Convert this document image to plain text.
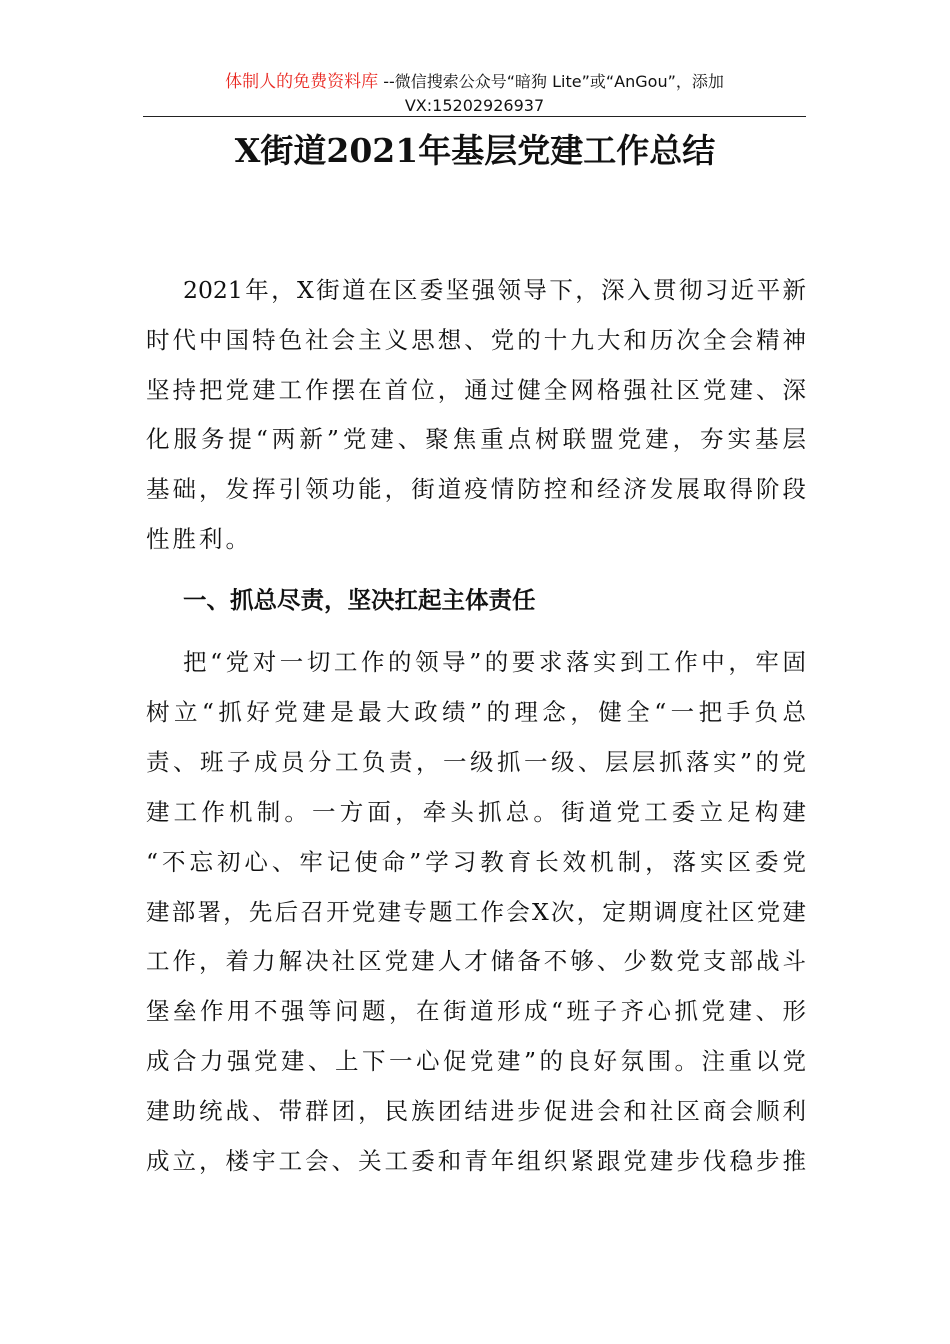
体制人的免费资料库 --微信搜索公众号“暗狗 Lite”或“AnGou”，添加
VX:15202926937
X街道2021年基层党建工作总结
2021年，X街道在区委坚强领导下，深入贯彻习近平新
时代中国特色社会主义思想、党的十九大和历次全会精神
坚持把党建工作摆在首位，通过健全网格强社区党建、深
化服务提“两新”党建、聚焦重点树联盟党建，夯实基层
基础，发挥引领功能，街道疫情防控和经济发展取得阶段
性胜利。
一、抓总尽责，坚决扛起主体责任
把“党对一切工作的领导”的要求落实到工作中，牢固
树立“抓好党建是最大政绩”的理念，健全“一把手负总
责、班子成员分工负责，一级抓一级、层层抓落实”的党
建工作机制。一方面，牵头抓总。街道党工委立足构建
“不忘初心、牢记使命”学习教育长效机制，落实区委党
建部署，先后召开党建专题工作会X次，定期调度社区党建
工作，着力解决社区党建人才储备不够、少数党支部战斗
堡垒作用不强等问题，在街道形成“班子齐心抓党建、形
成合力强党建、上下一心促党建”的良好氛围。注重以党
建助统战、带群团，民族团结进步促进会和社区商会顺利
成立，楼宇工会、关工委和青年组织紧跟党建步伐稳步推
